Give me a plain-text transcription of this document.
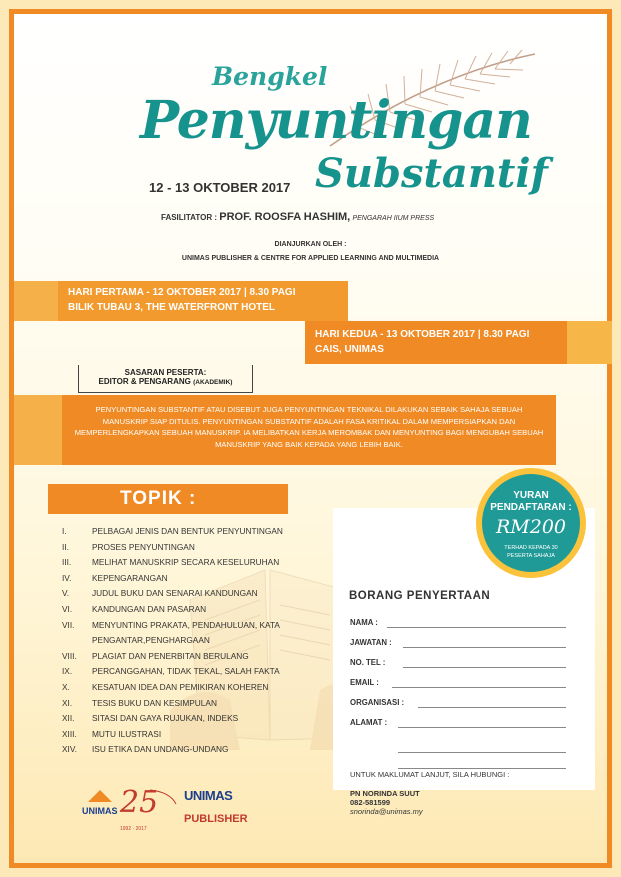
Bengkel
Penyuntingan
Substantif
12 - 13 OKTOBER 2017
FASILITATOR : PROF. ROOSFA HASHIM, PENGARAH IIUM PRESS
DIANJURKAN OLEH :
UNIMAS PUBLISHER & CENTRE FOR APPLIED LEARNING AND MULTIMEDIA
HARI PERTAMA - 12 OKTOBER 2017 | 8.30 PAGI
BILIK TUBAU 3, THE WATERFRONT HOTEL
HARI KEDUA - 13 OKTOBER 2017 | 8.30 PAGI
CAIS, UNIMAS
SASARAN PESERTA:
EDITOR & PENGARANG (AKADEMIK)
PENYUNTINGAN SUBSTANTIF ATAU DISEBUT JUGA PENYUNTINGAN TEKNIKAL DILAKUKAN SEBAIK SAHAJA SEBUAH MANUSKRIP SIAP DITULIS. PENYUNTINGAN SUBSTANTIF ADALAH FASA KRITIKAL DALAM MEMPERSIAPKAN DAN MEMPERLENGKAPKAN SEBUAH MANUSKRIP. IA MELIBATKAN KERJA MEROMBAK DAN MENYUNTING BAGI MENGUBAH SEBUAH MANUSKRIP YANG BAIK KEPADA YANG LEBIH BAIK.
TOPIK :
I.	PELBAGAI JENIS DAN BENTUK PENYUNTINGAN
II.	PROSES PENYUNTINGAN
III.	MELIHAT MANUSKRIP SECARA KESELURUHAN
IV.	KEPENGARANGAN
V.	JUDUL BUKU DAN SENARAI KANDUNGAN
VI.	KANDUNGAN DAN PASARAN
VII.	MENYUNTING PRAKATA, PENDAHULUAN, KATA
PENGANTAR,PENGHARGAAN
VIII.	PLAGIAT DAN PENERBITAN BERULANG
IX.	PERCANGGAHAN, TIDAK TEKAL, SALAH FAKTA
X.	KESATUAN IDEA DAN PEMIKIRAN KOHEREN
XI.	TESIS BUKU DAN KESIMPULAN
XII.	SITASI DAN GAYA RUJUKAN, INDEKS
XIII.	MUTU ILUSTRASI
XIV.	ISU ETIKA DAN UNDANG-UNDANG
BORANG PENYERTAAN
YURAN
PENDAFTARAN :
RM200
TERHAD KEPADA 30
PESERTA SAHAJA
UNTUK MAKLUMAT LANJUT, SILA HUBUNGI :
PN NORINDA SUUT
082-581599
snorinda@unimas.my
25
UNIMAS
1992 · 2017
UNIMAS
PUBLISHER
NAMA :
JAWATAN :
NO. TEL :
EMAIL :
ORGANISASI :
ALAMAT :
